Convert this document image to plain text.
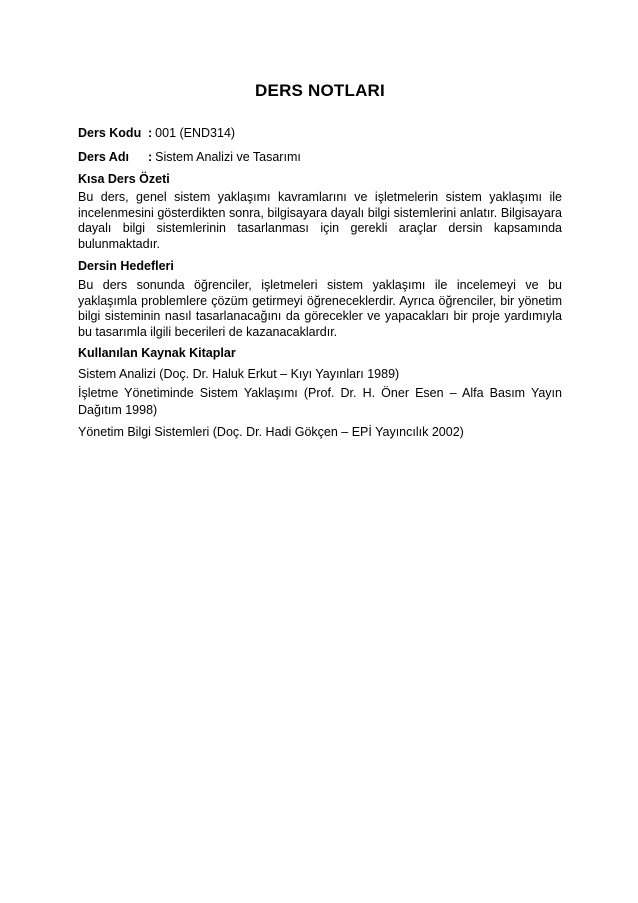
DERS NOTLARI
Ders Kodu : 001 (END314)
Ders Adı : Sistem Analizi ve Tasarımı
Kısa Ders Özeti
Bu ders, genel sistem yaklaşımı kavramlarını ve işletmelerin sistem yaklaşımı ile incelenmesini gösterdikten sonra, bilgisayara dayalı bilgi sistemlerini anlatır. Bilgisayara dayalı bilgi sistemlerinin tasarlanması için gerekli araçlar dersin kapsamında bulunmaktadır.
Dersin Hedefleri
Bu ders sonunda öğrenciler, işletmeleri sistem yaklaşımı ile incelemeyi ve bu yaklaşımla problemlere çözüm getirmeyi öğreneceklerdir. Ayrıca öğrenciler, bir yönetim bilgi sisteminin nasıl tasarlanacağını da görecekler ve yapacakları bir proje yardımıyla bu tasarımla ilgili becerileri de kazanacaklardır.
Kullanılan Kaynak Kitaplar
Sistem Analizi (Doç. Dr. Haluk Erkut – Kıyı Yayınları 1989)
İşletme Yönetiminde Sistem Yaklaşımı (Prof. Dr. H. Öner Esen – Alfa Basım Yayın Dağıtım 1998)
Yönetim Bilgi Sistemleri (Doç. Dr. Hadi Gökçen – EPİ Yayıncılık 2002)
